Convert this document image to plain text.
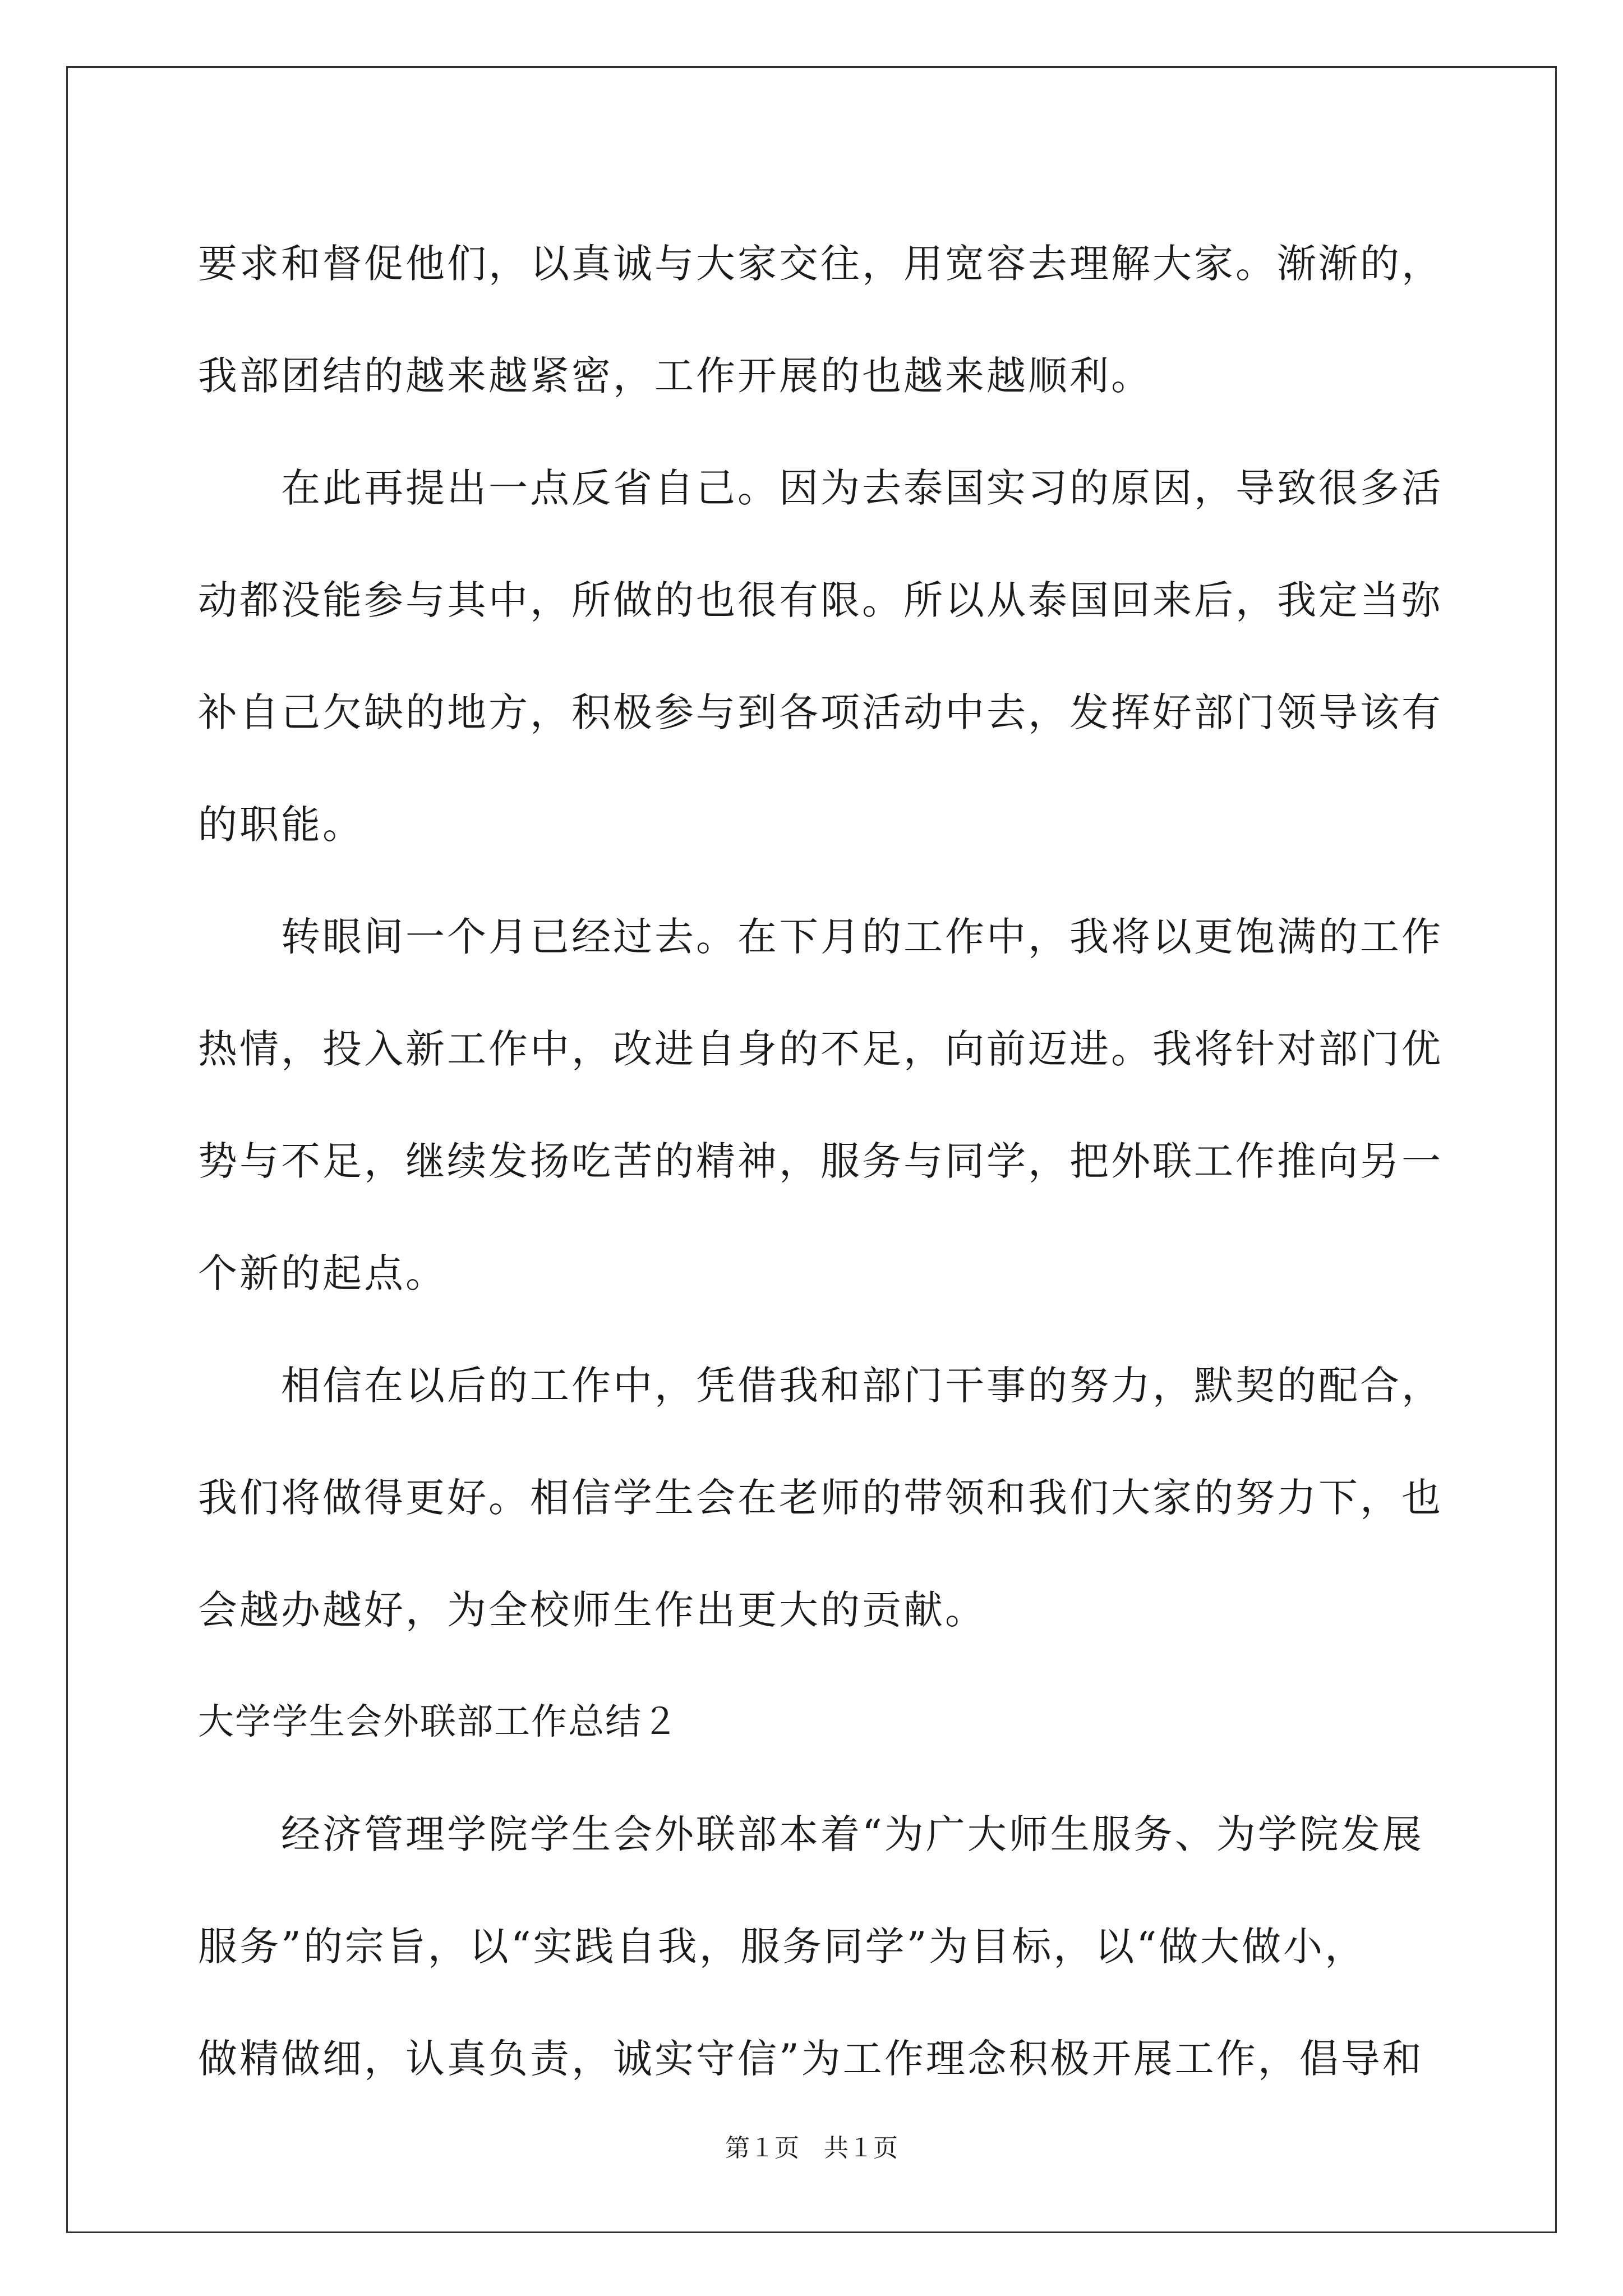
要求和督促他们，以真诚与大家交往，用宽容去理解大家。渐渐的，

我部团结的越来越紧密，工作开展的也越来越顺利。

在此再提出一点反省自己。因为去泰国实习的原因，导致很多活

动都没能参与其中，所做的也很有限。所以从泰国回来后，我定当弥

补自己欠缺的地方，积极参与到各项活动中去，发挥好部门领导该有

的职能。

转眼间一个月已经过去。在下月的工作中，我将以更饱满的工作

热情，投入新工作中，改进自身的不足，向前迈进。我将针对部门优

势与不足，继续发扬吃苦的精神，服务与同学，把外联工作推向另一

个新的起点。

相信在以后的工作中，凭借我和部门干事的努力，默契的配合，

我们将做得更好。相信学生会在老师的带领和我们大家的努力下，也

会越办越好，为全校师生作出更大的贡献。

大学学生会外联部工作总结２

经济管理学院学生会外联部本着“为广大师生服务、为学院发展

服务”的宗旨，以“实践自我，服务同学”为目标，以“做大做小，

做精做细，认真负责，诚实守信”为工作理念积极开展工作，倡导和

第１页　共１页
